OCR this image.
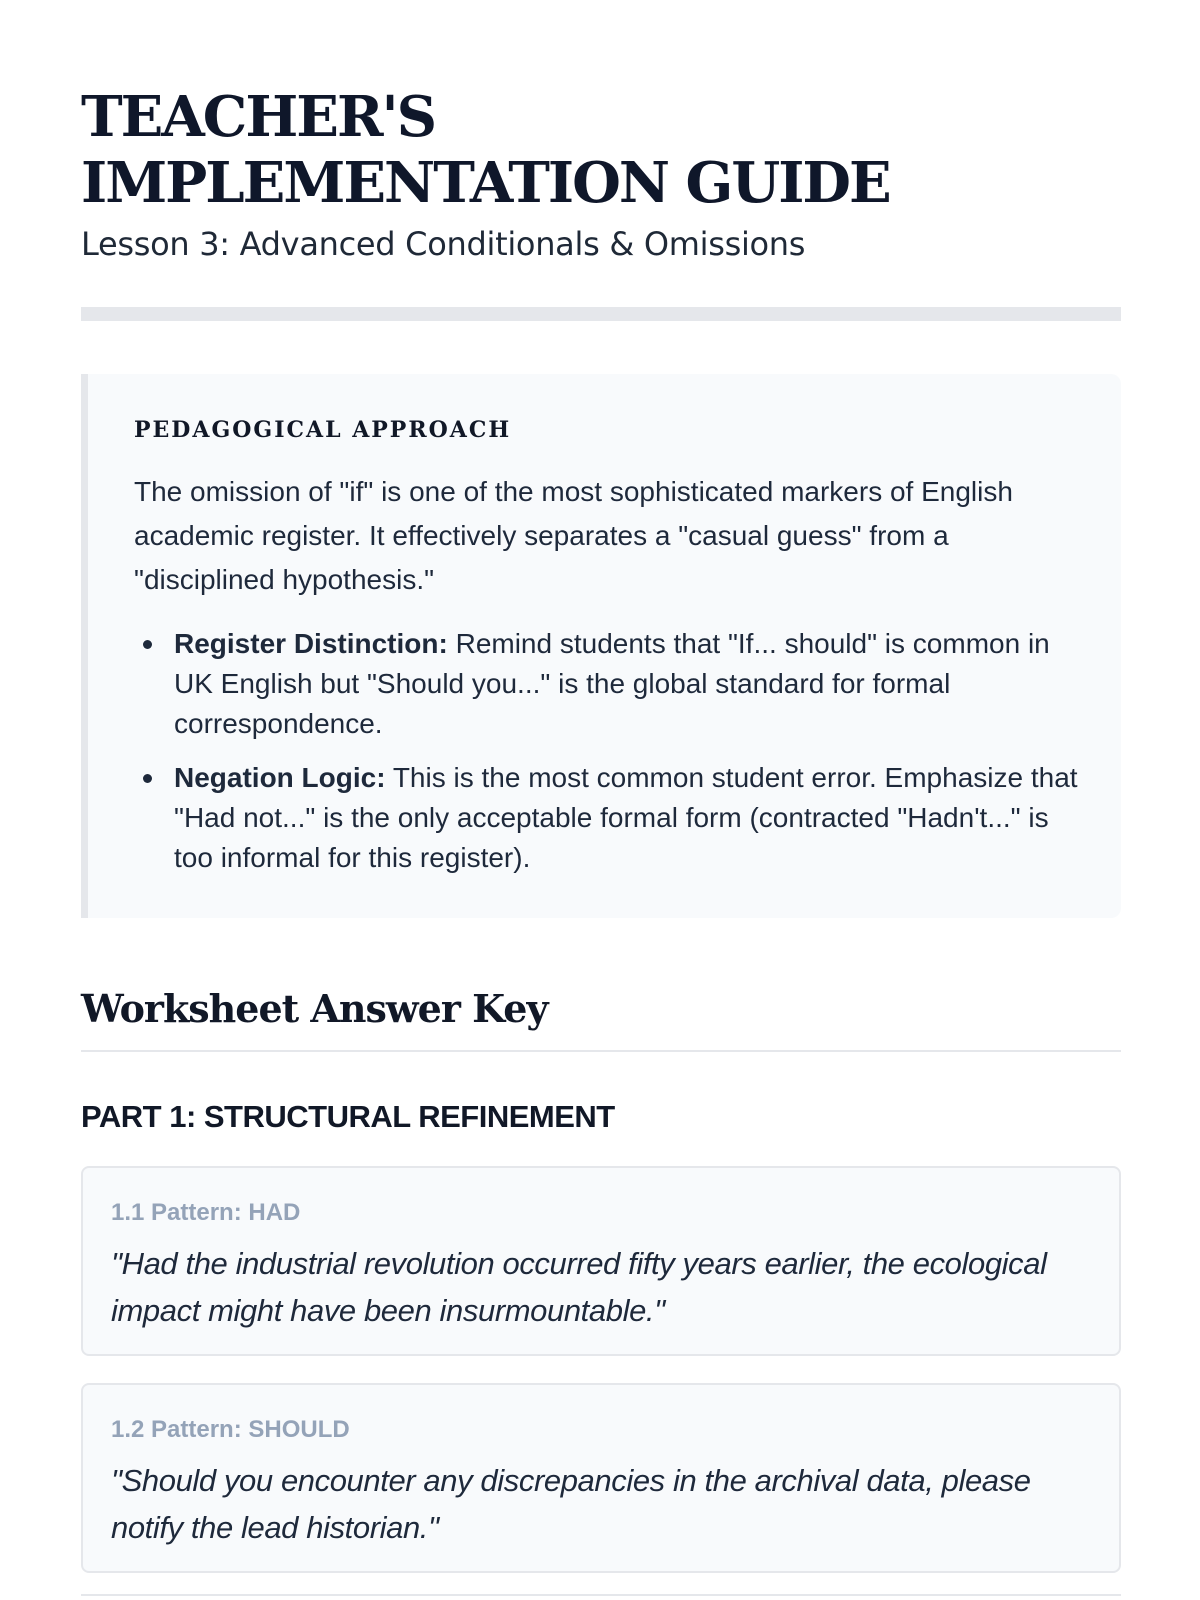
TEACHER'S
IMPLEMENTATION GUIDE

Lesson 3: Advanced Conditionals & Omissions

PEDAGOGICAL APPROACH

The omission of "if" is one of the most sophisticated markers of English academic register. It effectively separates a "casual guess" from a "disciplined hypothesis."

Register Distinction: Remind students that "If... should" is common in UK English but "Should you..." is the global standard for formal correspondence.
Negation Logic: This is the most common student error. Emphasize that "Had not..." is the only acceptable formal form (contracted "Hadn't..." is too informal for this register).
Worksheet Answer Key
PART 1: STRUCTURAL REFINEMENT

1.1 Pattern: HAD

"Had the industrial revolution occurred fifty years earlier, the ecological impact might have been insurmountable."

1.2 Pattern: SHOULD

"Should you encounter any discrepancies in the archival data, please notify the lead historian."
